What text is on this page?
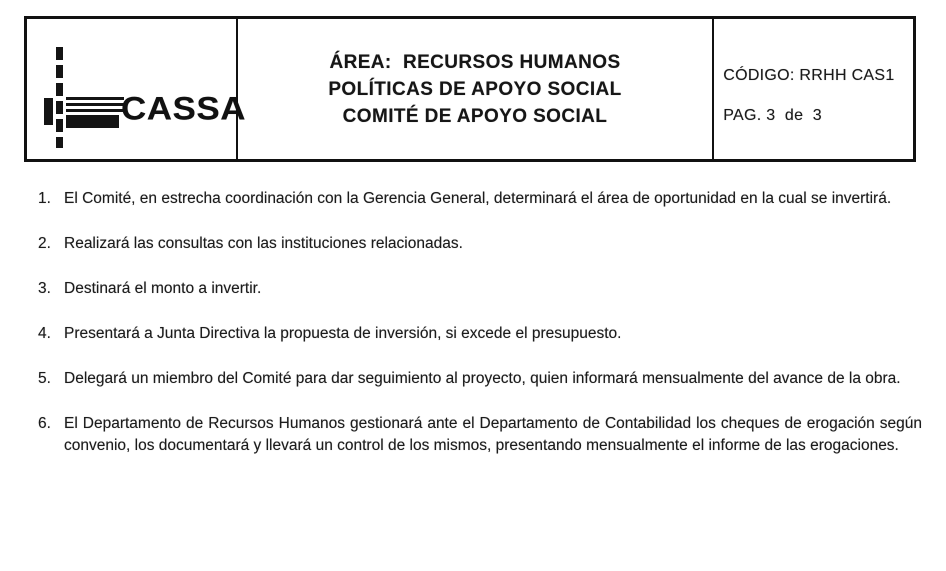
CASSA
ÁREA:  RECURSOS HUMANOS
POLÍTICAS DE APOYO SOCIAL
COMITÉ DE APOYO SOCIAL
CÓDIGO: RRHH CAS1
PAG. 3  de  3
1. El Comité, en estrecha coordinación con la Gerencia General, determinará el área de oportunidad en la cual se invertirá.
2. Realizará las consultas con las instituciones relacionadas.
3. Destinará el monto a invertir.
4. Presentará a Junta Directiva la propuesta de inversión, si excede el presupuesto.
5. Delegará un miembro del Comité para dar seguimiento al proyecto, quien informará mensualmente del avance de la obra.
6. El Departamento de Recursos Humanos gestionará ante el Departamento de Contabilidad los cheques de erogación según convenio, los documentará y llevará un control de los mismos, presentando mensualmente el informe de las erogaciones.
